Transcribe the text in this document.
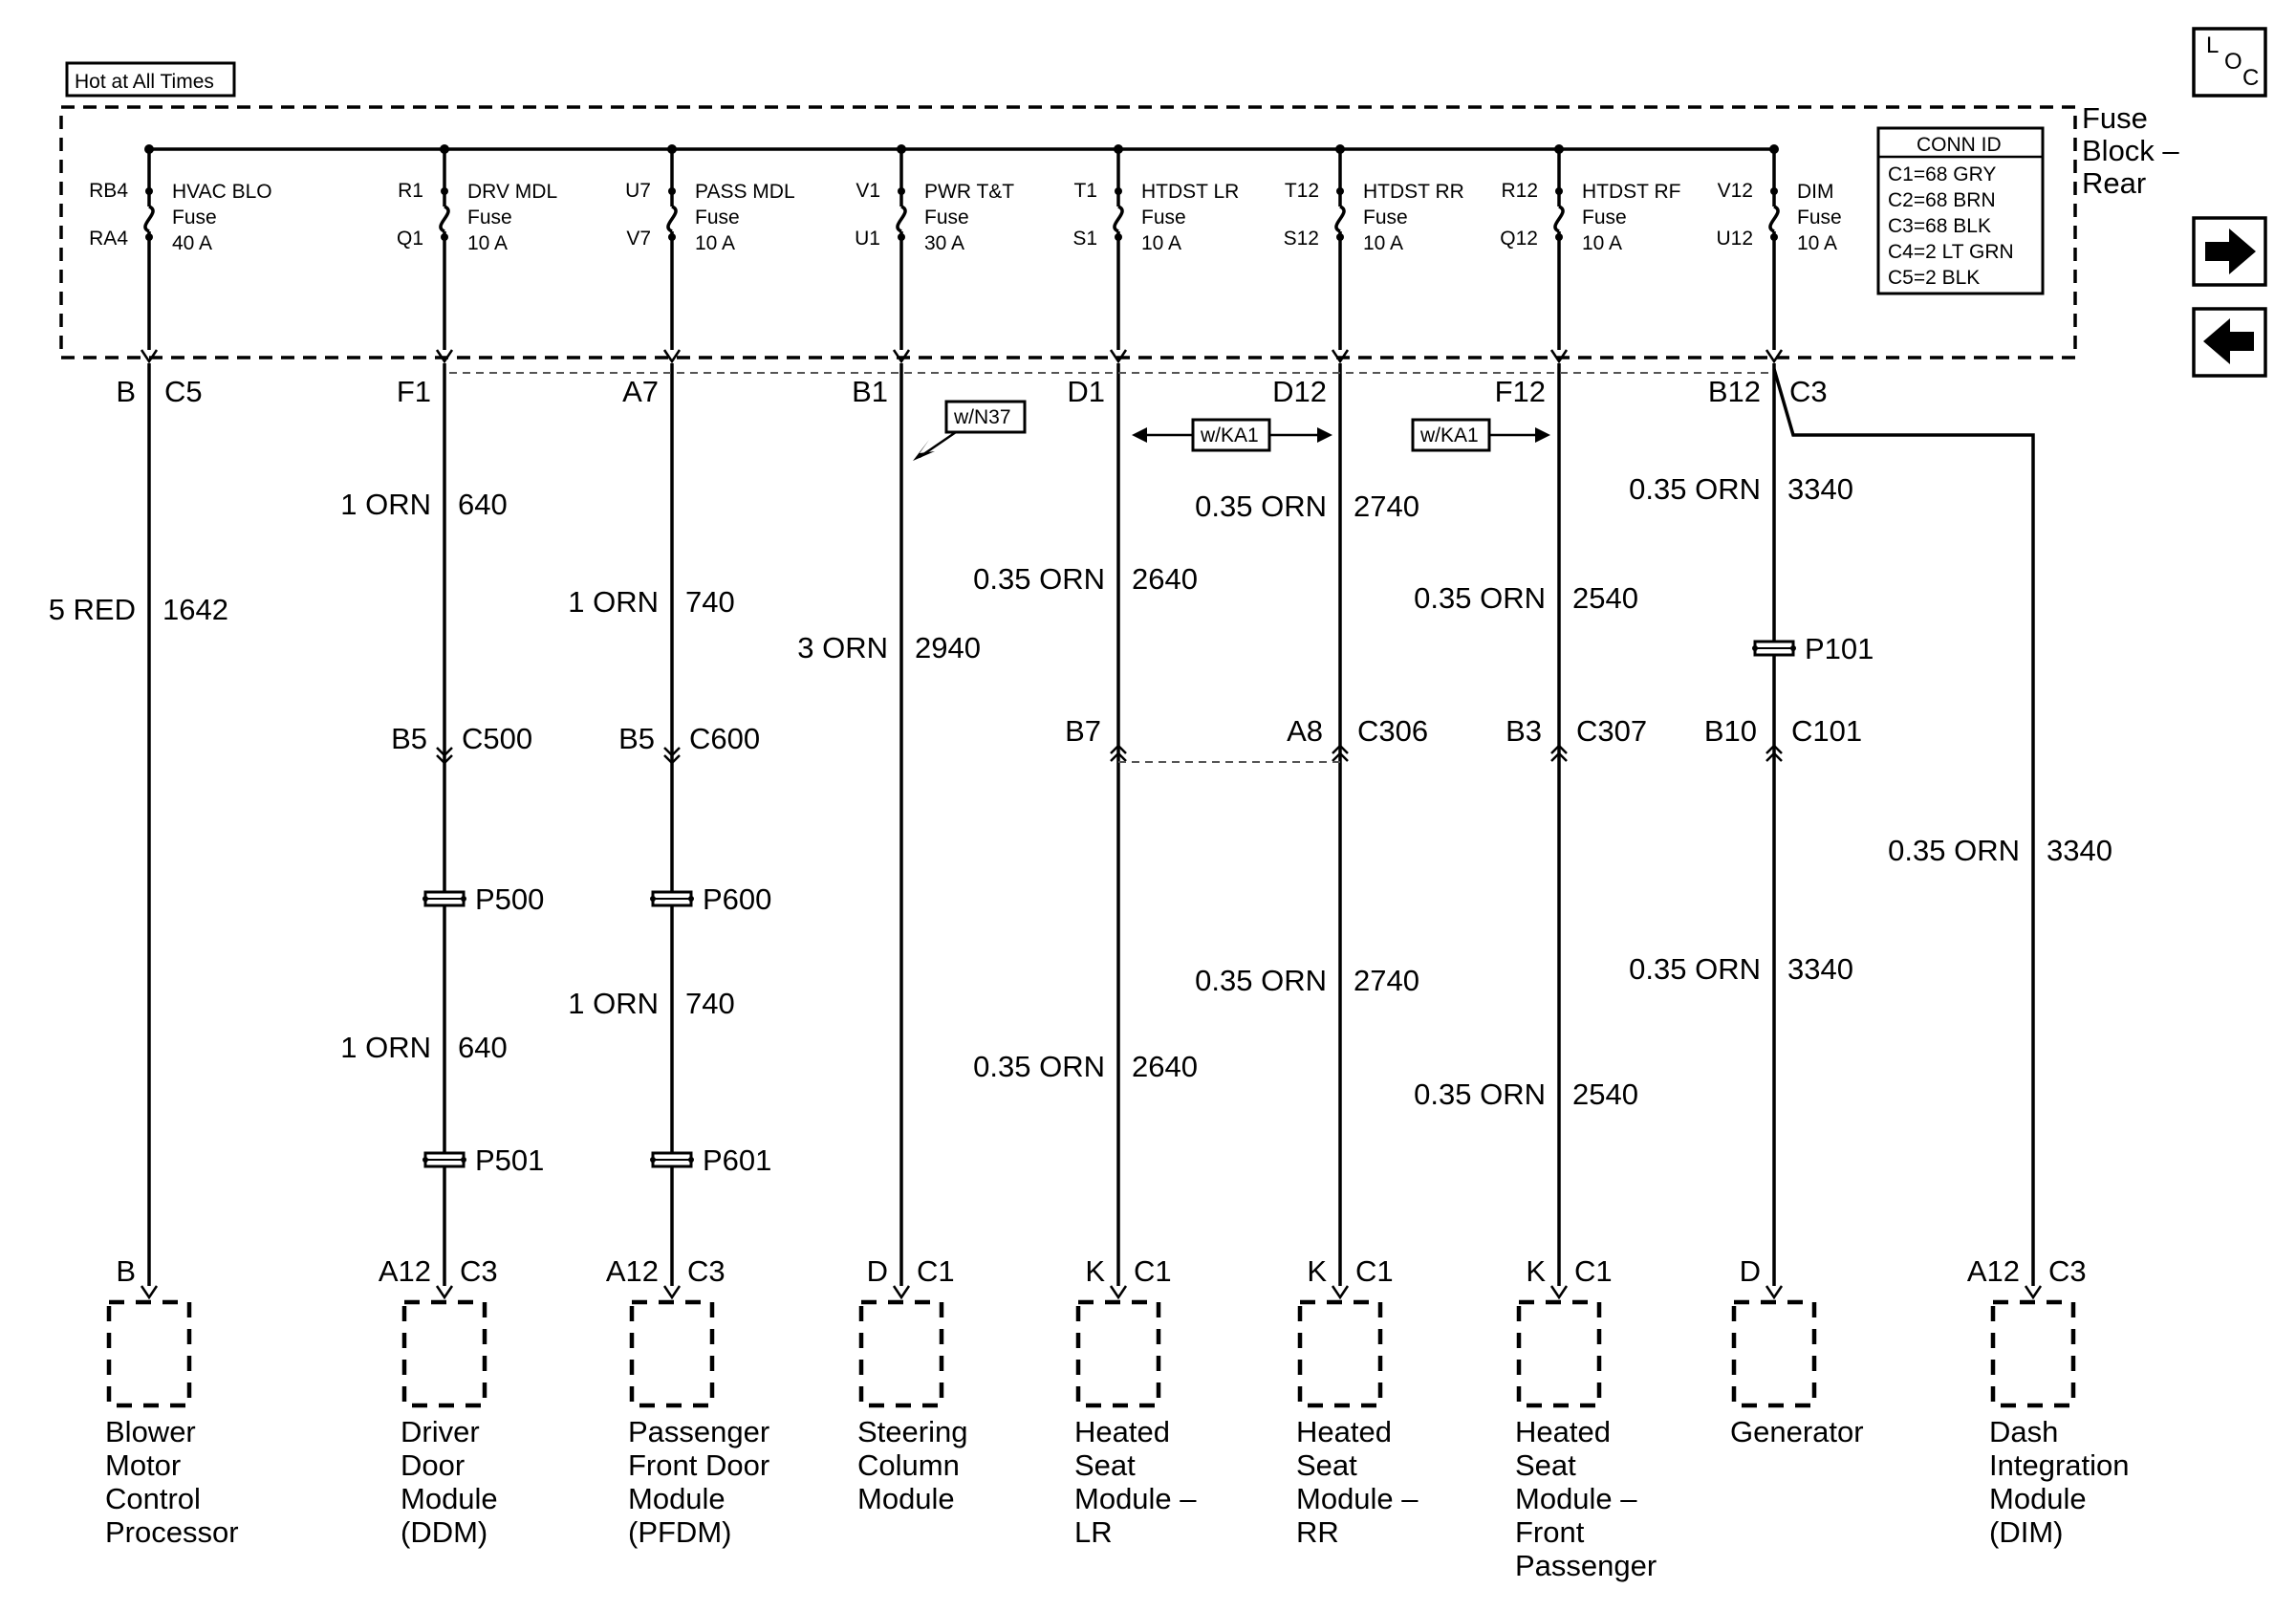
Hot at All Times
Fuse
Block –
Rear
CONN ID
C1=68 GRY
C2=68 BRN
C3=68 BLK
C4=2 LT GRN
C5=2 BLK
L
O
C
RB4
RA4
HVAC BLO
Fuse
40 A
R1
Q1
DRV MDL
Fuse
10 A
U7
V7
PASS MDL
Fuse
10 A
V1
U1
PWR T&T
Fuse
30 A
T1
S1
HTDST LR
Fuse
10 A
T12
S12
HTDST RR
Fuse
10 A
R12
Q12
HTDST RF
Fuse
10 A
V12
U12
DIM
Fuse
10 A
B C5	F1	A7	B1	D1	D12	F12	B12 C3
5 RED 1642
1 ORN 640
B5 C500
P500
1 ORN 640
P501
1 ORN 740
B5 C600
P600
1 ORN 740
P601
3 ORN 2940
0.35 ORN 2640
B7
0.35 ORN 2640
0.35 ORN 2740
A8 C306
0.35 ORN 2740
0.35 ORN 2540
B3 C307
0.35 ORN 2540
0.35 ORN 3340
P101
B10 C101
0.35 ORN 3340
0.35 ORN 3340
B
Blower
Motor
Control
Processor
A12 C3
Driver
Door
Module
(DDM)
A12 C3
Passenger
Front Door
Module
(PFDM)
D C1
Steering
Column
Module
K C1
Heated
Seat
Module –
LR
K C1
Heated
Seat
Module –
RR
K C1
Heated
Seat
Module –
Front
Passenger
D
Generator
A12 C3
Dash
Integration
Module
(DIM)
w/N37
w/KA1	w/KA1
